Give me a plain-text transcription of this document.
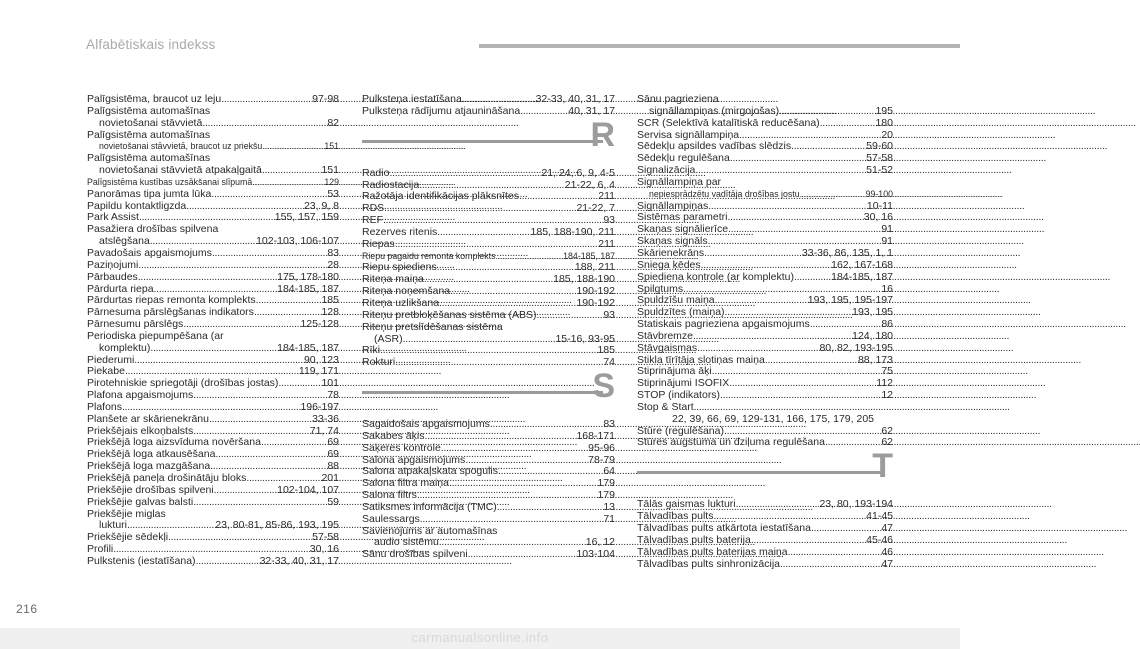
Alfabētiskais indekss
Palīgsistēma, braucot uz leju . . .	97-98
Palīgsistēma automašīnas
novietošanai stāvvietā . . .	82
Palīgsistēma automašīnas
novietošanai stāvvietā, braucot uz priekšu . . .	151
Palīgsistēma automašīnas
novietošanai stāvvietā atpakaļgaitā . . .	151
Palīgsistēma kustības uzsākšanai slīpumā . . .	129
Panorāmas tipa jumta lūka . . .	53
Papildu kontaktligzda . . .	23, 9, 8
Park Assist . . .	155, 157, 159
Pasažiera drošības spilvena
atslēgšana . . .	102-103, 106-107
Pavadošais apgaismojums . . .	83
Paziņojumi . . .	28
Pārbaudes . . .	175, 178-180
Pārdurta riepa . . .	184-185, 187
Pārdurtas riepas remonta komplekts . . .	185
Pārnesuma pārslēgšanas indikators . . .	128
Pārnesumu pārslēgs . . .	125-128
Periodiska piepumpēšana (ar
komplektu) . . .	184-185, 187
Piederumi . . .	90, 123
Piekabe . . .	119, 171
Pirotehniskie spriegotāji (drošības jostas) . . .	101
Plafona apgaismojums . . .	78
Plafons . . .	196-197
Planšete ar skārienekrānu . . .	33-36
Priekšējais elkoņbalsts . . .	71, 74
Priekšējā loga aizsvīduma novēršana . . .	69
Priekšējā loga atkausēšana . . .	69
Priekšējā loga mazgāšana . . .	88
Priekšējā paneļa drošinātāju bloks . . .	201
Priekšējie drošības spilveni . . .	102-104, 107
Priekšējie galvas balsti . . .	59
Priekšējie miglas
lukturi . . .	23, 80-81, 85-86, 193, 195
Priekšējie sēdekļi . . .	57-58
Profili . . .	30, 16
Pulkstenis (iestatīšana) . . .	32-33, 40, 31, 17
Pulksteņa iestatīšana . . .	32-33, 40, 31, 17
Pulksteņa rādījumu atjaunināšana . . .	40, 31, 17
R
Radio . . .	21, 24, 6, 9, 4-5
Radiostacija . . .	21-22, 6, 4
Ražotāja identifikācijas plāksnītes . . .	211
RDS . . .	21-22, 7
REF . . .	93
Rezerves ritenis . . .	185, 188-190, 211
Riepas . . .	211
Riepu pagaidu remonta komplekts . . .	184-185, 187
Riepu spiediens . . .	188, 211
Riteņa maiņa . . .	185, 188-190
Riteņa noņemšana . . .	190-192
Riteņa uzlikšana . . .	190-192
Riteņu pretbloķēšanas sistēma (ABS) . . .	93
Riteņu pretslīdēšanas sistēma
(ASR) . . .	15-16, 93-95
Rīki . . .	185
Rokturi . . .	74
S
Sagaidošais apgaismojums . . .	83
Sakabes āķis . . .	168-171
Saķeres kontrole . . .	95-96
Salona apgaismojums . . .	78-79
Salona atpakaļskata spogulis . . .	64
Salona filtra maiņa . . .	179
Salona filtrs . . .	179
Satiksmes informācija (TMC) . . .	13
Saulessargs . . .	71
Savienojums ar automašīnas
audio sistēmu . . .	16, 12
Sānu drošības spilveni . . .	103-104
Sānu pagrieziena
signāllampiņas (mirgojošas) . . .	195
SCR (Selektīvā katalītiskā reducēšana) . . .	180
Servisa signāllampiņa . . .	20
Sēdekļu apsildes vadības slēdzis . . .	59-60
Sēdekļu regulēšana . . .	57-58
Signalizācija . . .	51-52
Signāllampiņa par
nepiesprādzētu vadītāja drošības jostu . . .	99-100
Signāllampiņas . . .	10-11
Sistēmas parametri . . .	30, 16
Skaņas signālierīce . . .	91
Skaņas signāls . . .	91
Skārienekrāns . . .	33-36, 86, 135, 1, 1
Sniega ķēdes . . .	162, 167-168
Spiediena kontrole (ar komplektu) . . .	184-185, 187
Spilgtums . . .	16
Spuldzīšu maiņa . . .	193, 195, 195-197
Spuldzītes (maiņa) . . .	193, 195
Statiskais pagrieziena apgaismojums . . .	86
Stāvbremze . . .	124, 180
Stāvgaismas . . .	80, 82, 193-195
Stikla tīrītāja slotiņas maiņa . . .	88, 173
Stiprinājuma āķi . . .	75
Stiprinājumi ISOFIX . . .	112
STOP (indikators) . . .	12
Stop & Start
. . .
22, 39, 66, 69, 129-131, 166, 175, 179, 205
Stūre (regulēšana) . . .	62
Stūres augstuma un dziļuma regulēšana . . .	62
T
Tālās gaismas lukturi . . .	23, 80, 193-194
Tālvadības pults . . .	41-45
Tālvadības pults atkārtota iestatīšana . . .	47
Tālvadības pults baterija . . .	45-46
Tālvadības pults baterijas maiņa . . .	46
Tālvadības pults sinhronizācija . . .	47
216
carmanualsonline.info
